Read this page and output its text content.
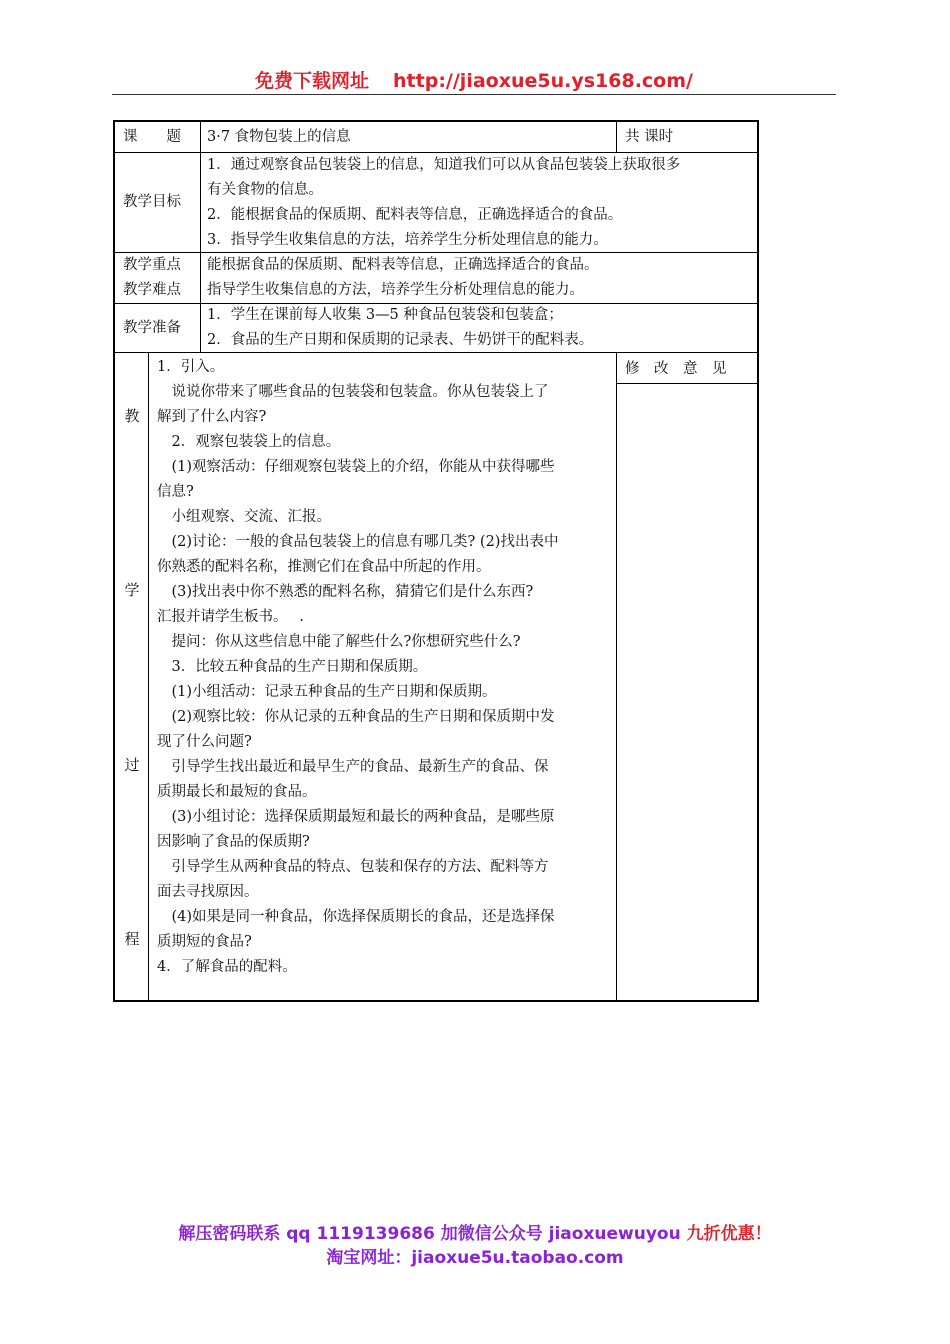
免费下载网址 http://jiaoxue5u.ys168.com/
课　　题	3·7 食物包装上的信息	共 课时
教学目标
1．通过观察食品包装袋上的信息，知道我们可以从食品包装袋上获取很多
有关食物的信息。
2．能根据食品的保质期、配料表等信息，正确选择适合的食品。
3．指导学生收集信息的方法，培养学生分析处理信息的能力。
教学重点
教学难点
能根据食品的保质期、配料表等信息，正确选择适合的食品。
指导学生收集信息的方法，培养学生分析处理信息的能力。
教学准备
1．学生在课前每人收集 3—5 种食品包装袋和包装盒；
2．食品的生产日期和保质期的记录表、牛奶饼干的配料表。
教
学
过
程
1．引入。
　说说你带来了哪些食品的包装袋和包装盒。你从包装袋上了
解到了什么内容?
　2．观察包装袋上的信息。
　(1)观察活动：仔细观察包装袋上的介绍，你能从中获得哪些
信息?
　小组观察、交流、汇报。
　(2)讨论：一般的食品包装袋上的信息有哪几类? (2)找出表中
你熟悉的配料名称，推测它们在食品中所起的作用。
　(3)找出表中你不熟悉的配料名称，猜猜它们是什么东西?
汇报并请学生板书。　 .
　提问：你从这些信息中能了解些什么?你想研究些什么?
　3．比较五种食品的生产日期和保质期。
　(1)小组活动：记录五种食品的生产日期和保质期。
　(2)观察比较：你从记录的五种食品的生产日期和保质期中发
现了什么问题?
　引导学生找出最近和最早生产的食品、最新生产的食品、保
质期最长和最短的食品。
　(3)小组讨论：选择保质期最短和最长的两种食品，是哪些原
因影响了食品的保质期?
　引导学生从两种食品的特点、包装和保存的方法、配料等方
面去寻找原因。
　(4)如果是同一种食品，你选择保质期长的食品，还是选择保
质期短的食品?
4．了解食品的配料。
修　改　意　见
解压密码联系 qq 1119139686 加微信公众号 jiaoxuewuyou 九折优惠！
淘宝网址：jiaoxue5u.taobao.com
